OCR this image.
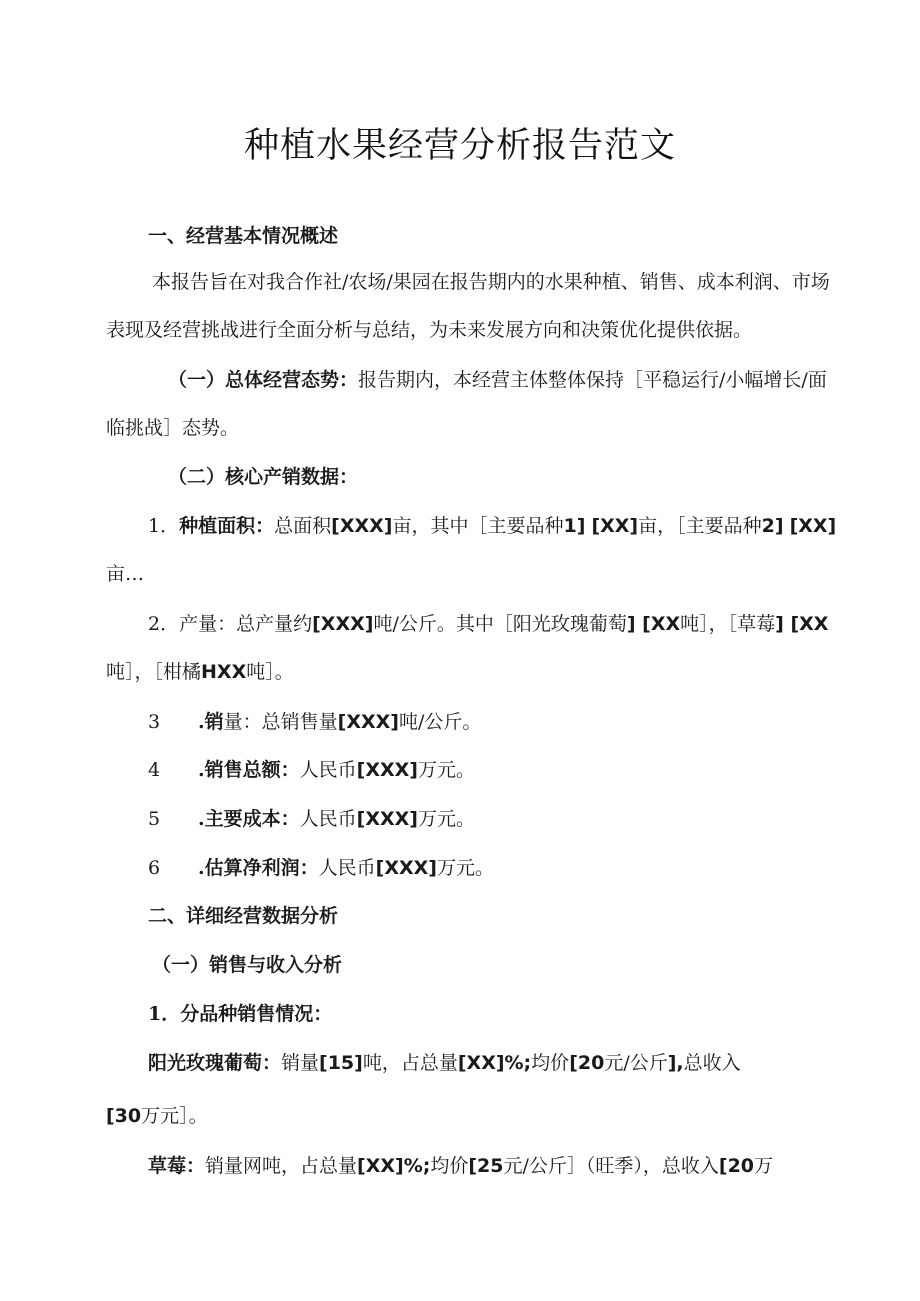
种植水果经营分析报告范文
一、经营基本情况概述
本报告旨在对我合作社/农场/果园在报告期内的水果种植、销售、成本利润、市场
表现及经营挑战进行全面分析与总结，为未来发展方向和决策优化提供依据。
（一）总体经营态势：报告期内，本经营主体整体保持［平稳运行/小幅增长/面
临挑战］态势。
（二）核心产销数据：
1．种植面积：总面积[XXX]亩，其中［主要品种1] [XX]亩，［主要品种2] [XX]
亩…
2．产量：总产量约[XXX]吨/公斤。其中［阳光玫瑰葡萄] [XX吨］，［草莓] [XX
吨］，［柑橘HXX吨］。
3 .销量：总销售量[XXX]吨/公斤。
4 .销售总额：人民币[XXX]万元。
5 .主要成本：人民币[XXX]万元。
6 .估算净利润：人民币[XXX]万元。
二、详细经营数据分析
（一）销售与收入分析
1．分品种销售情况：
阳光玫瑰葡萄：销量[15]吨，占总量[XX]%;均价[20元/公斤],总收入
[30万元］。
草莓：销量网吨，占总量[XX]%;均价[25元/公斤］（旺季），总收入[20万
